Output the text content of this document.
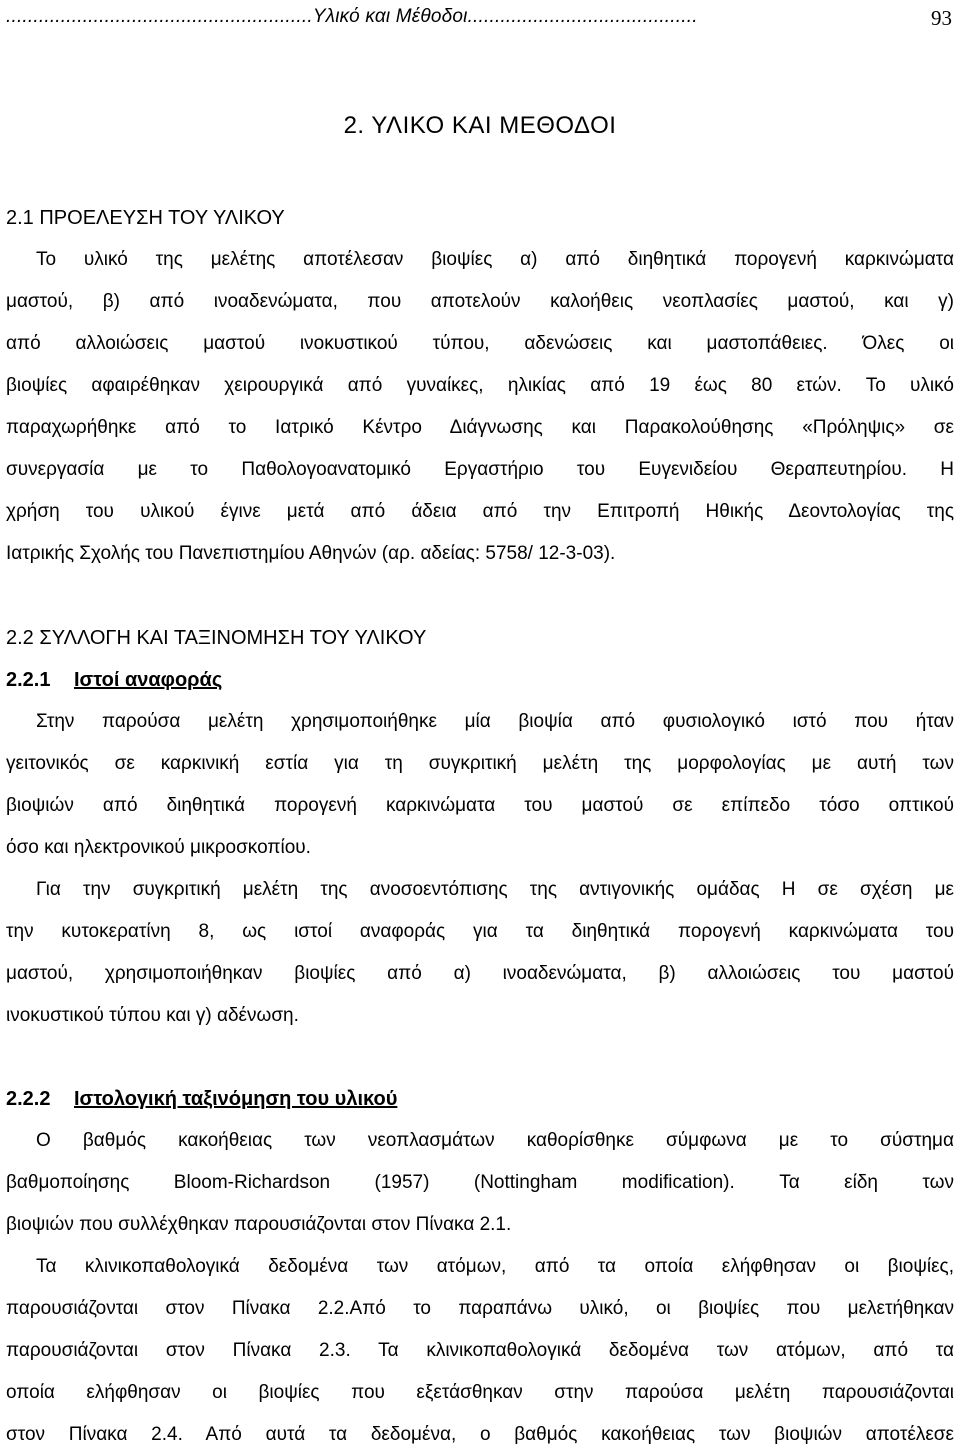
........................................................Υλικό και Μέθοδοι..........................................	93
2. ΥΛΙΚΟ ΚΑΙ ΜΕΘΟΔΟΙ
2.1 ΠΡΟΕΛΕΥΣΗ ΤΟΥ ΥΛΙΚΟΥ
Το υλικό της μελέτης αποτέλεσαν βιοψίες α) από διηθητικά πορογενή καρκινώματα
μαστού, β) από ινοαδενώματα, που αποτελούν καλοήθεις νεοπλασίες μαστού, και γ)
από αλλοιώσεις μαστού ινοκυστικού τύπου, αδενώσεις και μαστοπάθειες. Όλες οι
βιοψίες αφαιρέθηκαν χειρουργικά από γυναίκες, ηλικίας από 19 έως 80 ετών. Το υλικό
παραχωρήθηκε από το Ιατρικό Κέντρο Διάγνωσης και Παρακολούθησης «Πρόληψις» σε
συνεργασία με το Παθολογοανατομικό Εργαστήριο του Ευγενιδείου Θεραπευτηρίου. Η
χρήση του υλικού έγινε μετά από άδεια από την Επιτροπή Ηθικής Δεοντολογίας της
Ιατρικής Σχολής του Πανεπιστημίου Αθηνών (αρ. αδείας: 5758/ 12-3-03).
2.2 ΣΥΛΛΟΓΗ ΚΑΙ ΤΑΞΙΝΟΜΗΣΗ ΤΟΥ ΥΛΙΚΟΥ
2.2.1 Ιστοί αναφοράς
Στην παρούσα μελέτη χρησιμοποιήθηκε μία βιοψία από φυσιολογικό ιστό που ήταν
γειτονικός σε καρκινική εστία για τη συγκριτική μελέτη της μορφολογίας με αυτή των
βιοψιών από διηθητικά πορογενή καρκινώματα του μαστού σε επίπεδο τόσο οπτικού
όσο και ηλεκτρονικού μικροσκοπίου.
Για την συγκριτική μελέτη της ανοσοεντόπισης της αντιγονικής ομάδας Η σε σχέση με
την κυτοκερατίνη 8, ως ιστοί αναφοράς για τα διηθητικά πορογενή καρκινώματα του
μαστού, χρησιμοποιήθηκαν βιοψίες από α) ινοαδενώματα, β) αλλοιώσεις του μαστού
ινοκυστικού τύπου και γ) αδένωση.
2.2.2 Ιστολογική ταξινόμηση του υλικού
Ο βαθμός κακοήθειας των νεοπλασμάτων καθορίσθηκε σύμφωνα με το σύστημα
βαθμοποίησης Bloom-Richardson (1957) (Nottingham modification). Τα είδη των
βιοψιών που συλλέχθηκαν παρουσιάζονται στον Πίνακα 2.1.
Τα κλινικοπαθολογικά δεδομένα των ατόμων, από τα οποία ελήφθησαν οι βιοψίες,
παρουσιάζονται στον Πίνακα 2.2.Από το παραπάνω υλικό, οι βιοψίες που μελετήθηκαν
παρουσιάζονται στον Πίνακα 2.3. Τα κλινικοπαθολογικά δεδομένα των ατόμων, από τα
οποία ελήφθησαν οι βιοψίες που εξετάσθηκαν στην παρούσα μελέτη παρουσιάζονται
στον Πίνακα 2.4. Από αυτά τα δεδομένα, ο βαθμός κακοήθειας των βιοψιών αποτέλεσε
